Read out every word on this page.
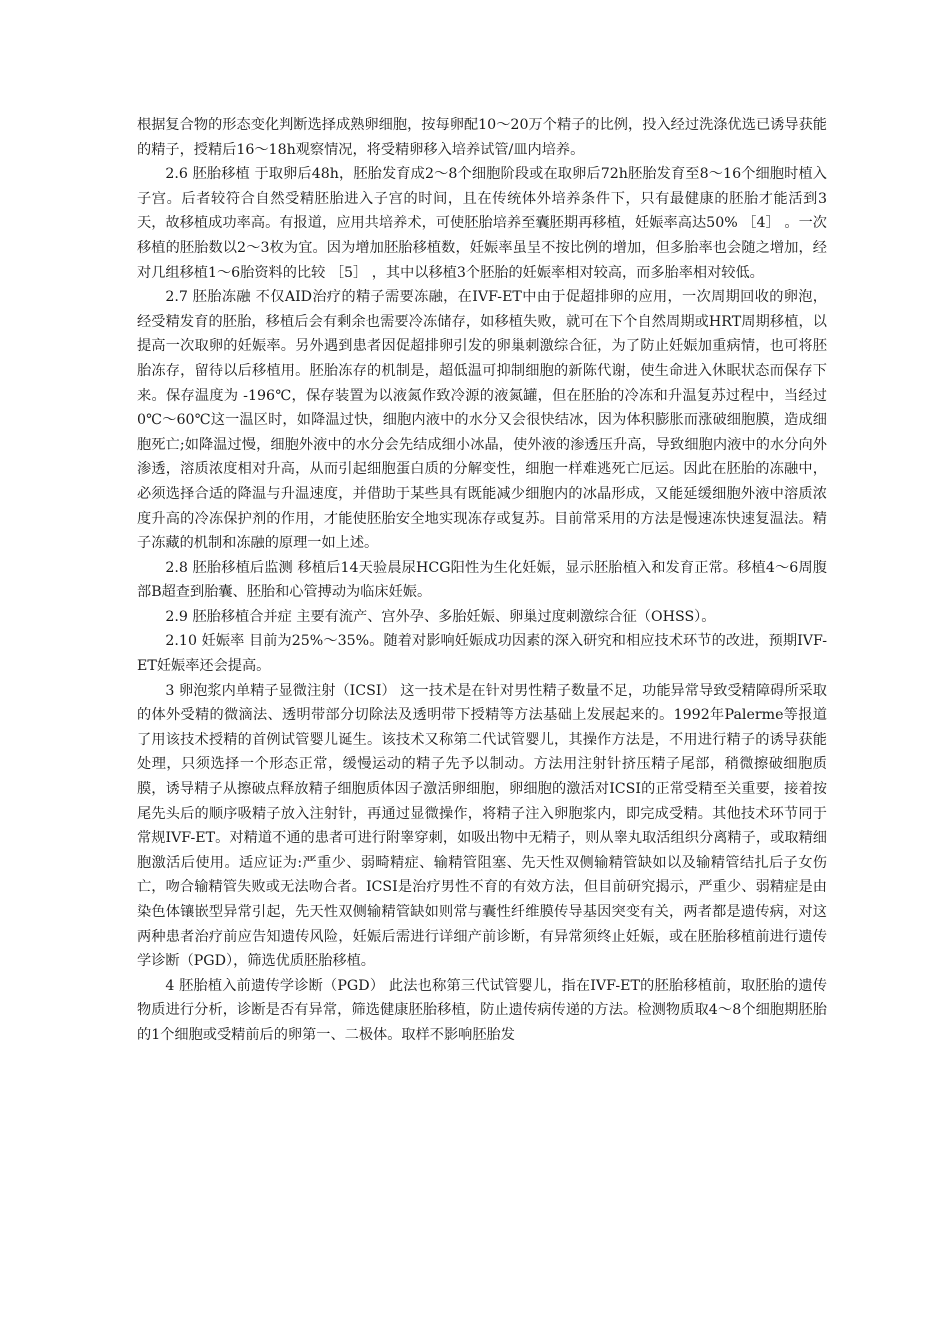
根据复合物的形态变化判断选择成熟卵细胞，按每卵配10～20万个精子的比例，投入经过洗涤优选已诱导获能的精子，授精后16～18h观察情况，将受精卵移入培养试管/皿内培养。

2.6 胚胎移植 于取卵后48h，胚胎发育成2～8个细胞阶段或在取卵后72h胚胎发育至8～16个细胞时植入子宫。后者较符合自然受精胚胎进入子宫的时间，且在传统体外培养条件下，只有最健康的胚胎才能活到3天，故移植成功率高。有报道，应用共培养术，可使胚胎培养至囊胚期再移植，妊娠率高达50% ［4］ 。一次移植的胚胎数以2～3枚为宜。因为增加胚胎移植数，妊娠率虽呈不按比例的增加，但多胎率也会随之增加，经对几组移植1～6胎资料的比较 ［5］ ，其中以移植3个胚胎的妊娠率相对较高，而多胎率相对较低。

2.7 胚胎冻融 不仅AID治疗的精子需要冻融，在IVF-ET中由于促超排卵的应用，一次周期回收的卵泡，经受精发育的胚胎，移植后会有剩余也需要冷冻储存，如移植失败，就可在下个自然周期或HRT周期移植，以提高一次取卵的妊娠率。另外遇到患者因促超排卵引发的卵巢刺激综合征，为了防止妊娠加重病情，也可将胚胎冻存，留待以后移植用。胚胎冻存的机制是，超低温可抑制细胞的新陈代谢，使生命进入休眠状态而保存下来。保存温度为 -196℃，保存装置为以液氮作致冷源的液氮罐，但在胚胎的冷冻和升温复苏过程中，当经过0℃～60℃这一温区时，如降温过快，细胞内液中的水分又会很快结冰，因为体积膨胀而涨破细胞膜，造成细胞死亡;如降温过慢，细胞外液中的水分会先结成细小冰晶，使外液的渗透压升高，导致细胞内液中的水分向外渗透，溶质浓度相对升高，从而引起细胞蛋白质的分解变性，细胞一样难逃死亡厄运。因此在胚胎的冻融中，必须选择合适的降温与升温速度，并借助于某些具有既能减少细胞内的冰晶形成，又能延缓细胞外液中溶质浓度升高的冷冻保护剂的作用，才能使胚胎安全地实现冻存或复苏。目前常采用的方法是慢速冻快速复温法。精子冻藏的机制和冻融的原理一如上述。

2.8 胚胎移植后监测 移植后14天验晨尿HCG阳性为生化妊娠，显示胚胎植入和发育正常。移植4～6周腹部B超查到胎囊、胚胎和心管搏动为临床妊娠。

2.9 胚胎移植合并症 主要有流产、宫外孕、多胎妊娠、卵巢过度刺激综合征（OHSS）。

2.10 妊娠率 目前为25%～35%。随着对影响妊娠成功因素的深入研究和相应技术环节的改进，预期IVF-ET妊娠率还会提高。

3 卵泡浆内单精子显微注射（ICSI） 这一技术是在针对男性精子数量不足，功能异常导致受精障碍所采取的体外受精的微滴法、透明带部分切除法及透明带下授精等方法基础上发展起来的。1992年Palerme等报道了用该技术授精的首例试管婴儿诞生。该技术又称第二代试管婴儿，其操作方法是，不用进行精子的诱导获能处理，只须选择一个形态正常，缓慢运动的精子先予以制动。方法用注射针挤压精子尾部，稍微擦破细胞质膜，诱导精子从擦破点释放精子细胞质体因子激活卵细胞，卵细胞的激活对ICSI的正常受精至关重要，接着按尾先头后的顺序吸精子放入注射针，再通过显微操作，将精子注入卵胞浆内，即完成受精。其他技术环节同于常规IVF-ET。对精道不通的患者可进行附睾穿刺，如吸出物中无精子，则从睾丸取活组织分离精子，或取精细胞激活后使用。适应证为:严重少、弱畸精症、输精管阻塞、先天性双侧输精管缺如以及输精管结扎后子女伤亡，吻合输精管失败或无法吻合者。ICSI是治疗男性不育的有效方法，但目前研究揭示，严重少、弱精症是由染色体镶嵌型异常引起，先天性双侧输精管缺如则常与囊性纤维膜传导基因突变有关，两者都是遗传病，对这两种患者治疗前应告知遗传风险，妊娠后需进行详细产前诊断，有异常须终止妊娠，或在胚胎移植前进行遗传学诊断（PGD），筛选优质胚胎移植。

4 胚胎植入前遗传学诊断（PGD） 此法也称第三代试管婴儿，指在IVF-ET的胚胎移植前，取胚胎的遗传物质进行分析，诊断是否有异常，筛选健康胚胎移植，防止遗传病传递的方法。检测物质取4～8个细胞期胚胎的1个细胞或受精前后的卵第一、二极体。取样不影响胚胎发
